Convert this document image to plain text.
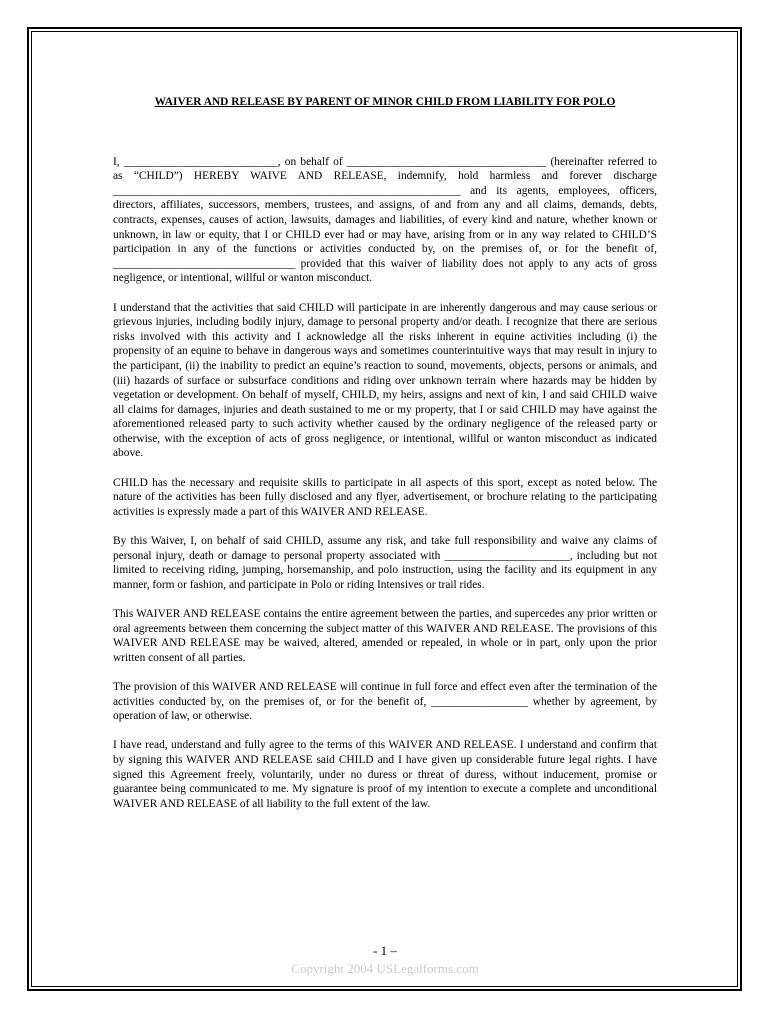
WAIVER AND RELEASE BY PARENT OF MINOR CHILD FROM LIABILITY FOR POLO

I, ___________________________, on behalf of ___________________________________ (hereinafter referred to as “CHILD”) HEREBY WAIVE AND RELEASE, indemnify, hold harmless and forever discharge _____________________________________________________________ and its agents, employees, officers, directors, affiliates, successors, members, trustees, and assigns, of and from any and all claims, demands, debts, contracts, expenses, causes of action, lawsuits, damages and liabilities, of every kind and nature, whether known or unknown, in law or equity, that I or CHILD ever had or may have, arising from or in any way related to CHILD’S participation in any of the functions or activities conducted by, on the premises of, or for the benefit of, ________________________________ provided that this waiver of liability does not apply to any acts of gross negligence, or intentional, willful or wanton misconduct.

I understand that the activities that said CHILD will participate in are inherently dangerous and may cause serious or grievous injuries, including bodily injury, damage to personal property and/or death. I recognize that there are serious risks involved with this activity and I acknowledge all the risks inherent in equine activities including (i) the propensity of an equine to behave in dangerous ways and sometimes counterintuitive ways that may result in injury to the participant, (ii) the inability to predict an equine’s reaction to sound, movements, objects, persons or animals, and (iii) hazards of surface or subsurface conditions and riding over unknown terrain where hazards may be hidden by vegetation or development. On behalf of myself, CHILD, my heirs, assigns and next of kin, I and said CHILD waive all claims for damages, injuries and death sustained to me or my property, that I or said CHILD may have against the aforementioned released party to such activity whether caused by the ordinary negligence of the released party or otherwise, with the exception of acts of gross negligence, or intentional, willful or wanton misconduct as indicated above.

CHILD has the necessary and requisite skills to participate in all aspects of this sport, except as noted below. The nature of the activities has been fully disclosed and any flyer, advertisement, or brochure relating to the participating activities is expressly made a part of this WAIVER AND RELEASE.

By this Waiver, I, on behalf of said CHILD, assume any risk, and take full responsibility and waive any claims of personal injury, death or damage to personal property associated with ______________________, including but not limited to receiving riding, jumping, horsemanship, and polo instruction, using the facility and its equipment in any manner, form or fashion, and participate in Polo or riding Intensives or trail rides.

This WAIVER AND RELEASE contains the entire agreement between the parties, and supercedes any prior written or oral agreements between them concerning the subject matter of this WAIVER AND RELEASE. The provisions of this WAIVER AND RELEASE may be waived, altered, amended or repealed, in whole or in part, only upon the prior written consent of all parties.

The provision of this WAIVER AND RELEASE will continue in full force and effect even after the termination of the activities conducted by, on the premises of, or for the benefit of, _________________ whether by agreement, by operation of law, or otherwise.

I have read, understand and fully agree to the terms of this WAIVER AND RELEASE. I understand and confirm that by signing this WAIVER AND RELEASE said CHILD and I have given up considerable future legal rights. I have signed this Agreement freely, voluntarily, under no duress or threat of duress, without inducement, promise or guarantee being communicated to me. My signature is proof of my intention to execute a complete and unconditional WAIVER AND RELEASE of all liability to the full extent of the law.

- 1 –
Copyright 2004 USLegalforms.com
